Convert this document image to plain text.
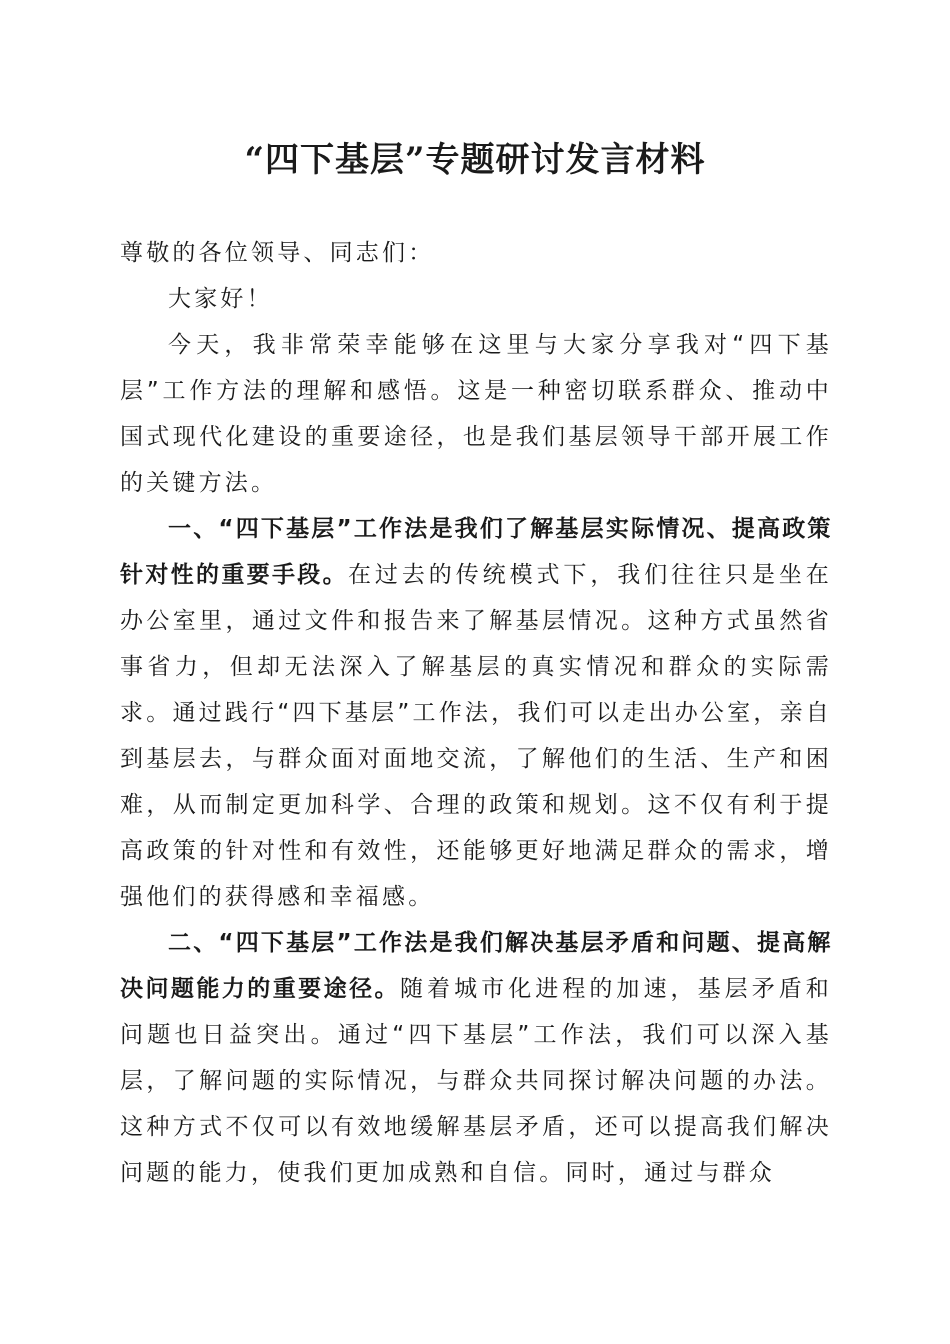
“四下基层”专题研讨发言材料

尊敬的各位领导、同志们：

大家好！

今天，我非常荣幸能够在这里与大家分享我对“四下基层”工作方法的理解和感悟。这是一种密切联系群众、推动中国式现代化建设的重要途径，也是我们基层领导干部开展工作的关键方法。

一、“四下基层”工作法是我们了解基层实际情况、提高政策针对性的重要手段。在过去的传统模式下，我们往往只是坐在办公室里，通过文件和报告来了解基层情况。这种方式虽然省事省力，但却无法深入了解基层的真实情况和群众的实际需求。通过践行“四下基层”工作法，我们可以走出办公室，亲自到基层去，与群众面对面地交流，了解他们的生活、生产和困难，从而制定更加科学、合理的政策和规划。这不仅有利于提高政策的针对性和有效性，还能够更好地满足群众的需求，增强他们的获得感和幸福感。

二、“四下基层”工作法是我们解决基层矛盾和问题、提高解决问题能力的重要途径。随着城市化进程的加速，基层矛盾和问题也日益突出。通过“四下基层”工作法，我们可以深入基层，了解问题的实际情况，与群众共同探讨解决问题的办法。这种方式不仅可以有效地缓解基层矛盾，还可以提高我们解决问题的能力，使我们更加成熟和自信。同时，通过与群众
